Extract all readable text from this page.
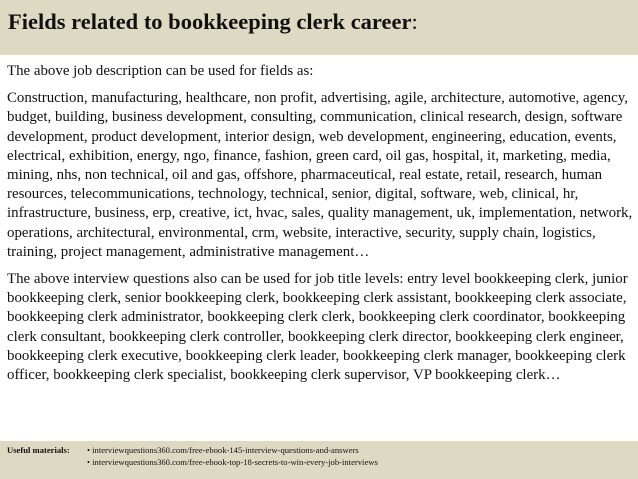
Fields related to bookkeeping clerk career:

The above job description can be used for fields as:

Construction, manufacturing, healthcare, non profit, advertising, agile, architecture, automotive, agency, budget, building, business development, consulting, communication, clinical research, design, software development, product development, interior design, web development, engineering, education, events, electrical, exhibition, energy, ngo, finance, fashion, green card, oil gas, hospital, it, marketing, media, mining, nhs, non technical, oil and gas, offshore, pharmaceutical, real estate, retail, research, human resources, telecommunications, technology, technical, senior, digital, software, web, clinical, hr, infrastructure, business, erp, creative, ict, hvac, sales, quality management, uk, implementation, network, operations, architectural, environmental, crm, website, interactive, security, supply chain, logistics, training, project management, administrative management…

The above interview questions also can be used for job title levels: entry level bookkeeping clerk, junior bookkeeping clerk, senior bookkeeping clerk, bookkeeping clerk assistant, bookkeeping clerk associate, bookkeeping clerk administrator, bookkeeping clerk clerk, bookkeeping clerk coordinator, bookkeeping clerk consultant, bookkeeping clerk controller, bookkeeping clerk director, bookkeeping clerk engineer, bookkeeping clerk executive, bookkeeping clerk leader, bookkeeping clerk manager, bookkeeping clerk officer, bookkeeping clerk specialist, bookkeeping clerk supervisor, VP bookkeeping clerk…

Useful materials: • interviewquestions360.com/free-ebook-145-interview-questions-and-answers
• interviewquestions360.com/free-ebook-top-18-secrets-to-win-every-job-interviews
